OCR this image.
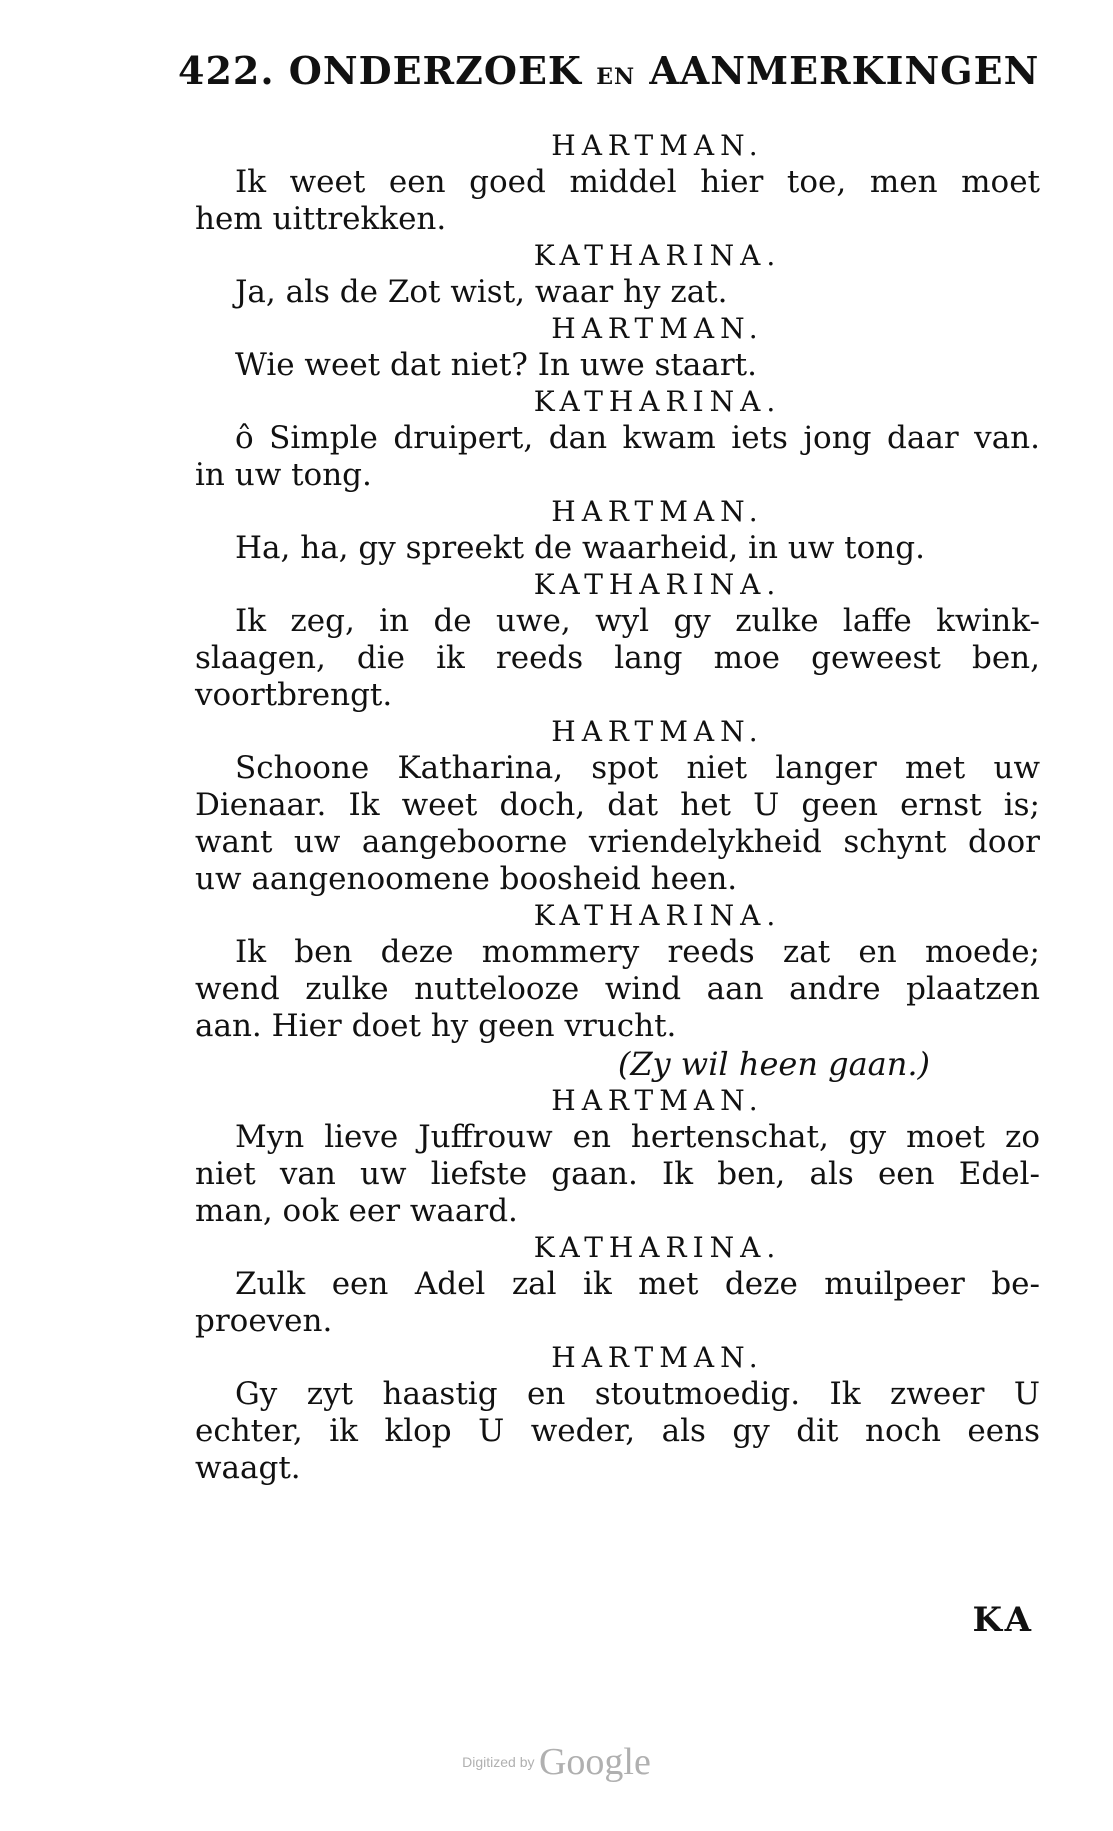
422. ONDERZOEK EN AANMERKINGEN
HARTMAN.
Ik weet een goed middel hier toe, men moet
hem uittrekken.
KATHARINA.
Ja, als de Zot wist, waar hy zat.
HARTMAN.
Wie weet dat niet? In uwe staart.
KATHARINA.
ô Simple druipert, dan kwam iets jong daar van.
in uw tong.
HARTMAN.
Ha, ha, gy spreekt de waarheid, in uw tong.
KATHARINA.
Ik zeg, in de uwe, wyl gy zulke laffe kwink-
slaagen, die ik reeds lang moe geweest ben,
voortbrengt.
HARTMAN.
Schoone Katharina, spot niet langer met uw
Dienaar. Ik weet doch, dat het U geen ernst is;
want uw aangeboorne vriendelykheid schynt door
uw aangenoomene boosheid heen.
KATHARINA.
Ik ben deze mommery reeds zat en moede;
wend zulke nuttelooze wind aan andre plaatzen
aan. Hier doet hy geen vrucht.
(Zy wil heen gaan.)
HARTMAN.
Myn lieve Juffrouw en hertenschat, gy moet zo
niet van uw liefste gaan. Ik ben, als een Edel-
man, ook eer waard.
KATHARINA.
Zulk een Adel zal ik met deze muilpeer be-
proeven.
HARTMAN.
Gy zyt haastig en stoutmoedig. Ik zweer U
echter, ik klop U weder, als gy dit noch eens
waagt.
KA
Digitized by Google
